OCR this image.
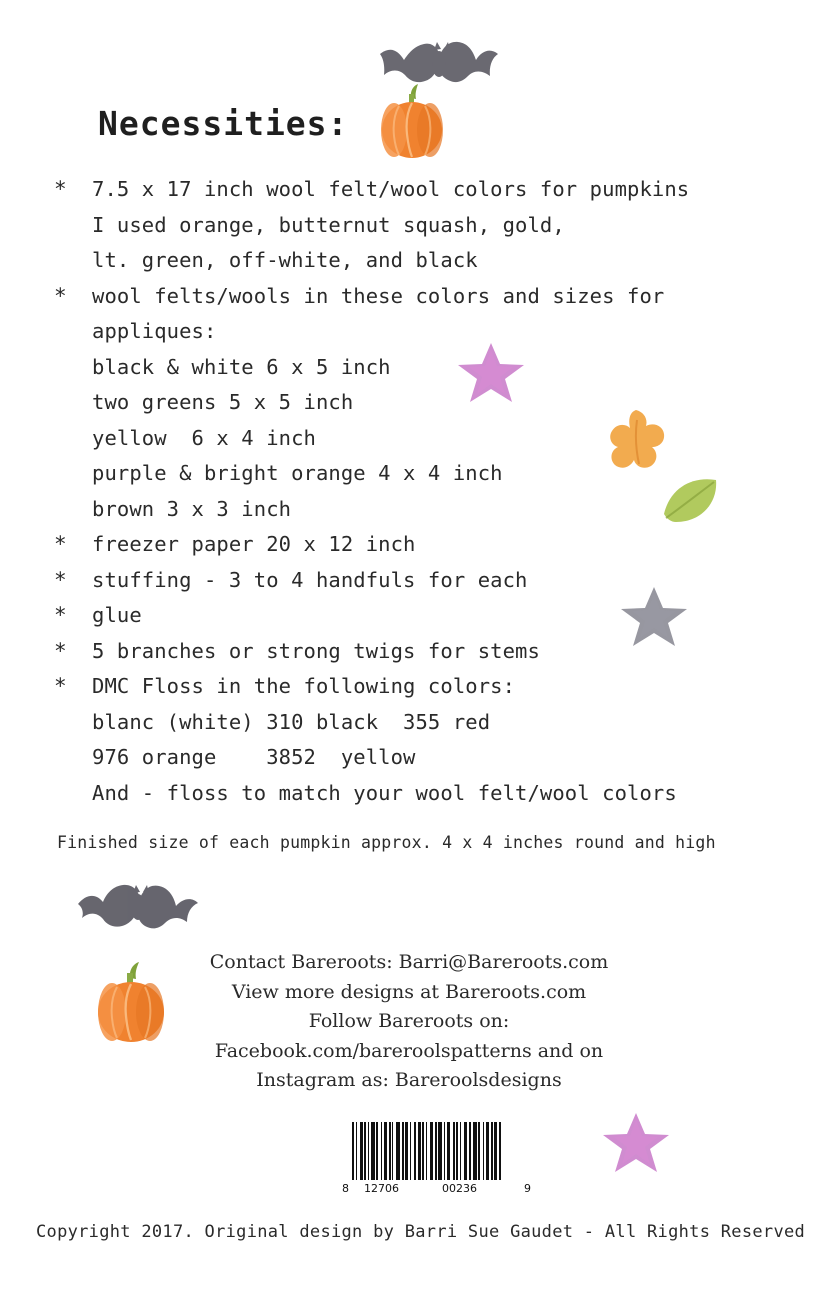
Necessities:
*	7.5 x 17 inch wool felt/wool colors for pumpkins
I used orange, butternut squash, gold,
lt. green, off-white, and black
*	wool felts/wools in these colors and sizes for
appliques:
black & white 6 x 5 inch
two greens 5 x 5 inch
yellow  6 x 4 inch
purple & bright orange 4 x 4 inch
brown 3 x 3 inch
*	freezer paper 20 x 12 inch
*	stuffing - 3 to 4 handfuls for each
*	glue
*	5 branches or strong twigs for stems
*	DMC Floss in the following colors:
blanc (white) 310 black  355 red
976 orange    3852  yellow
And - floss to match your wool felt/wool colors
Finished size of each pumpkin approx. 4 x 4 inches round and high
Contact Bareroots: Barri@Bareroots.com
View more designs at Bareroots.com
Follow Bareroots on:
Facebook.com/bareroolspatterns and on
Instagram as: Bareroolsdesigns
8 12706	00236	9
Copyright 2017. Original design by Barri Sue Gaudet - All Rights Reserved
